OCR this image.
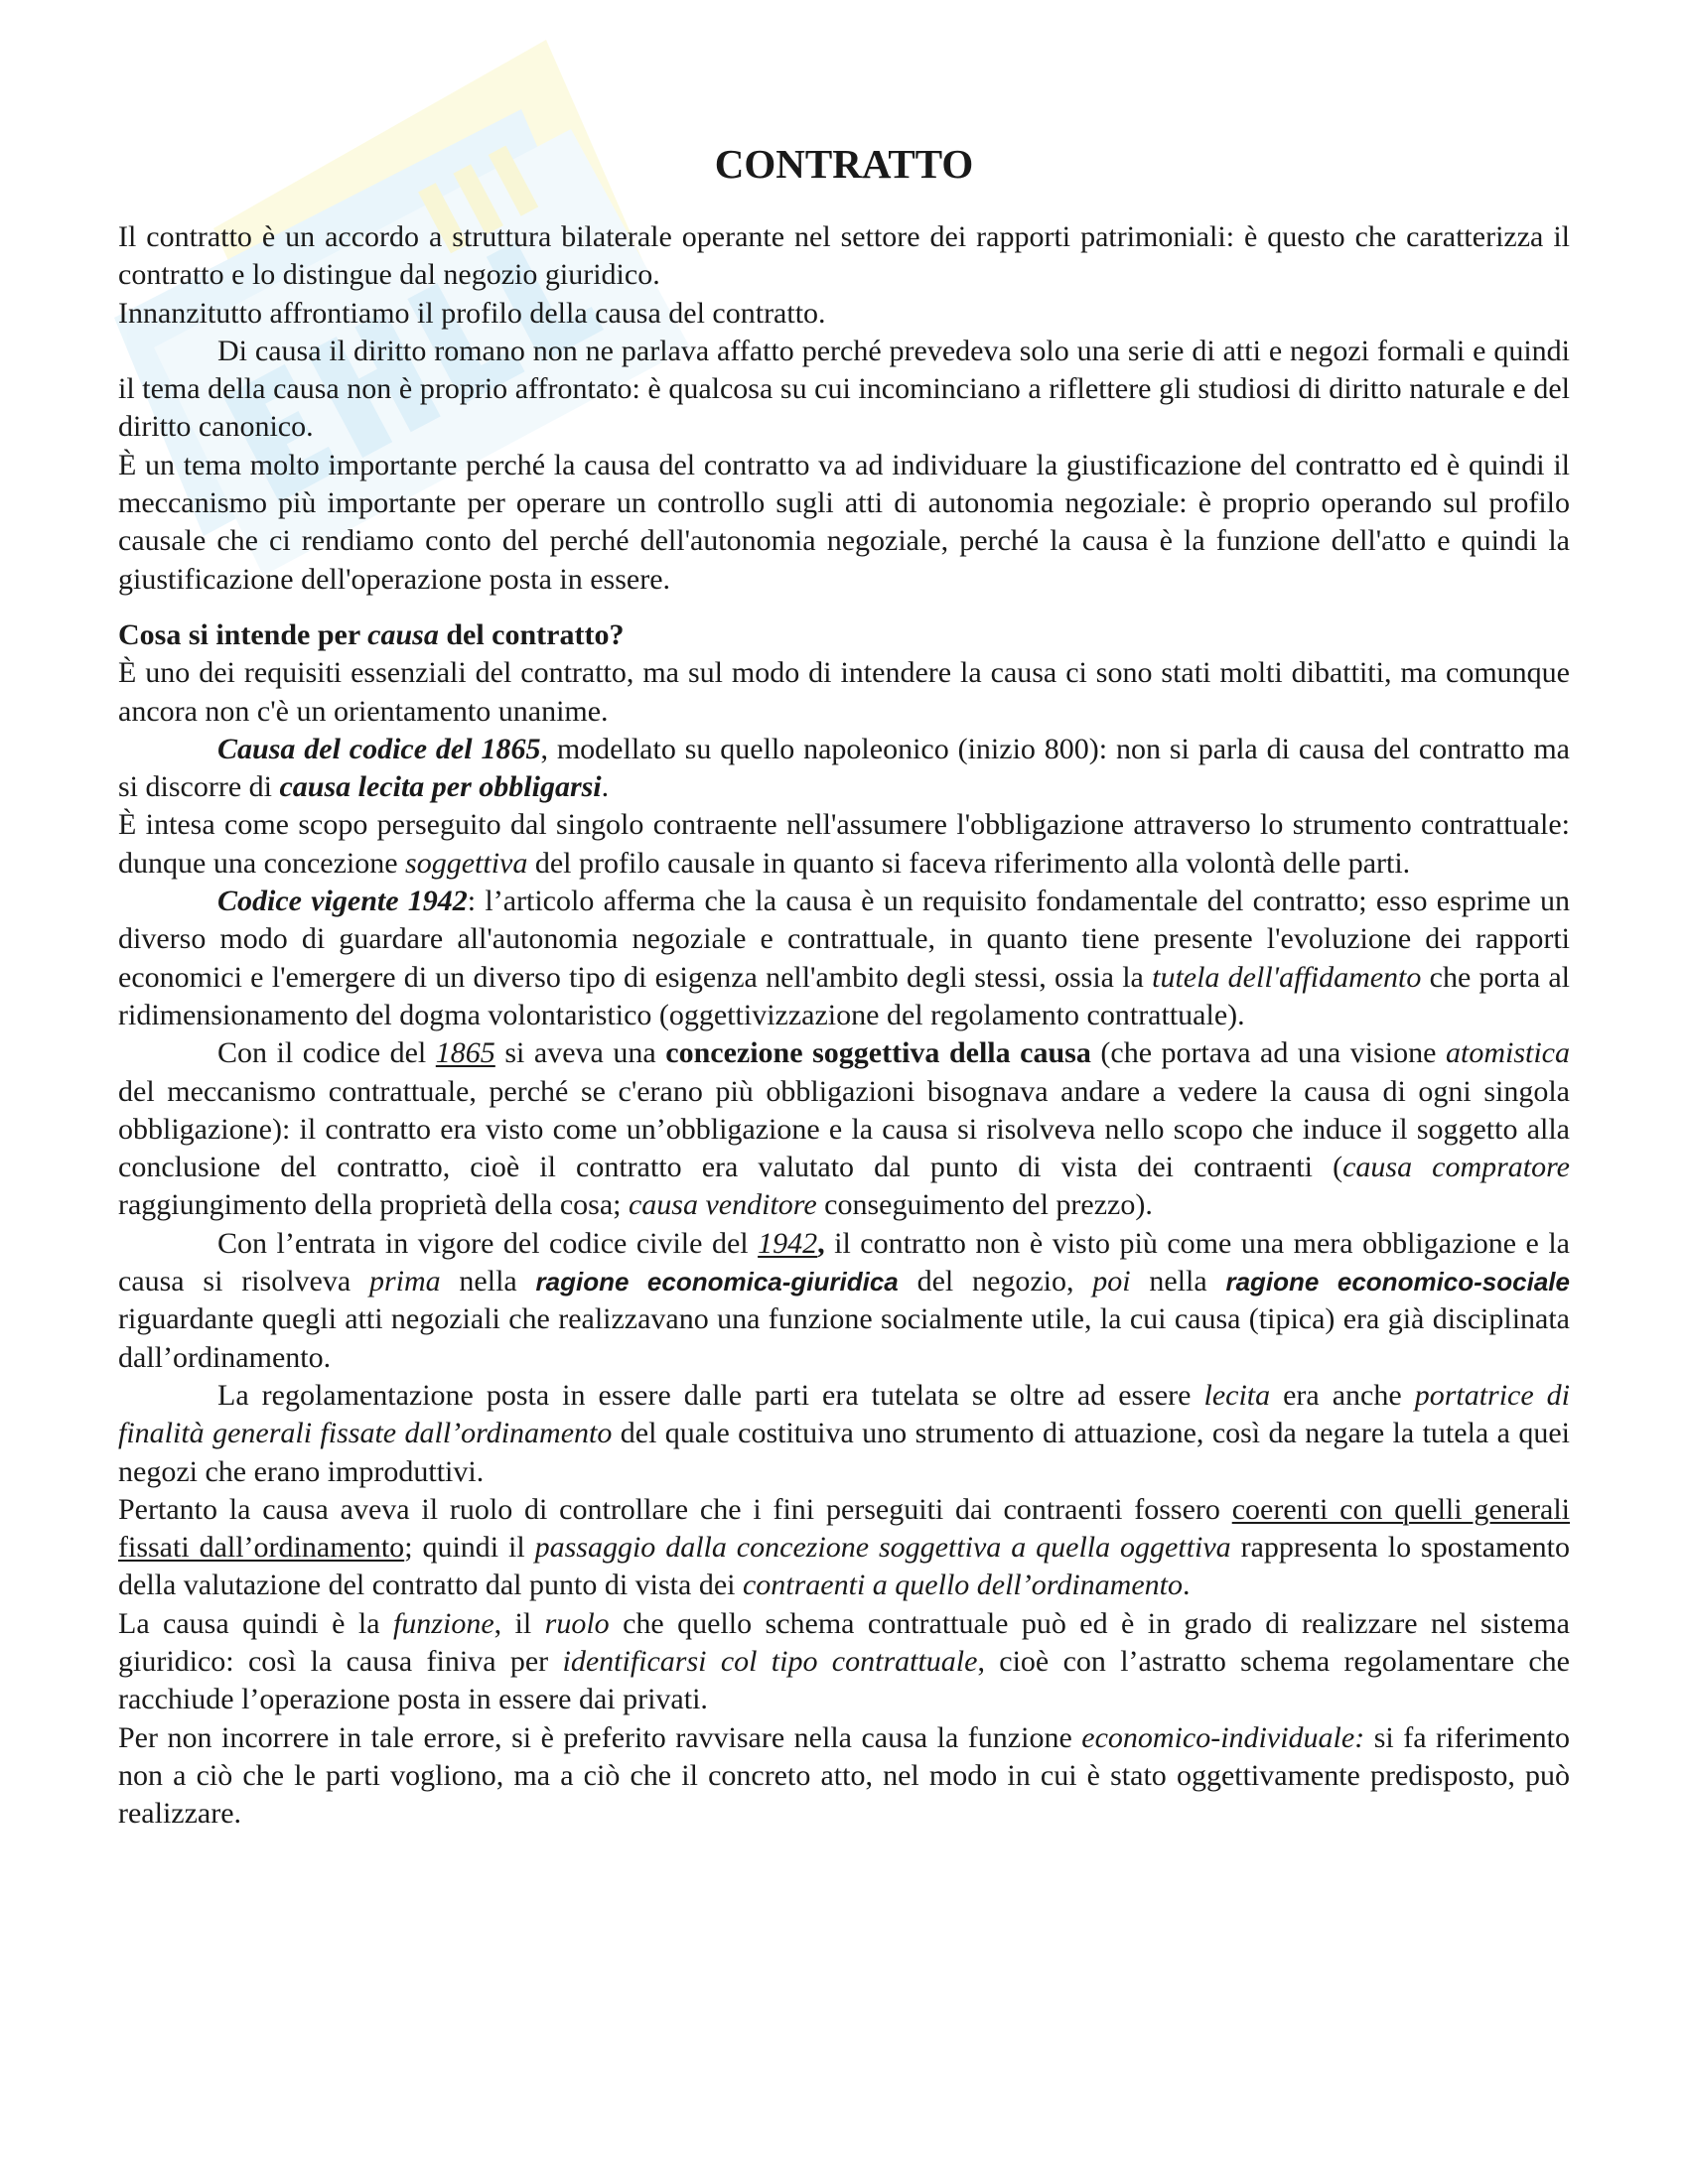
CONTRATTO

Il contratto è un accordo a struttura bilaterale operante nel settore dei rapporti patrimoniali: è questo che caratterizza il contratto e lo distingue dal negozio giuridico.

Innanzitutto affrontiamo il profilo della causa del contratto.

Di causa il diritto romano non ne parlava affatto perché prevedeva solo una serie di atti e negozi formali e quindi il tema della causa non è proprio affrontato: è qualcosa su cui incominciano a riflettere gli studiosi di diritto naturale e del diritto canonico.

È un tema molto importante perché la causa del contratto va ad individuare la giustificazione del contratto ed è quindi il meccanismo più importante per operare un controllo sugli atti di autonomia negoziale: è proprio operando sul profilo causale che ci rendiamo conto del perché dell'autonomia negoziale, perché la causa è la funzione dell'atto e quindi la giustificazione dell'operazione posta in essere.

Cosa si intende per causa del contratto?

È uno dei requisiti essenziali del contratto, ma sul modo di intendere la causa ci sono stati molti dibattiti, ma comunque ancora non c'è un orientamento unanime.

Causa del codice del 1865, modellato su quello napoleonico (inizio 800): non si parla di causa del contratto ma si discorre di causa lecita per obbligarsi.

È intesa come scopo perseguito dal singolo contraente nell'assumere l'obbligazione attraverso lo strumento contrattuale: dunque una concezione soggettiva del profilo causale in quanto si faceva riferimento alla volontà delle parti.

Codice vigente 1942: l’articolo afferma che la causa è un requisito fondamentale del contratto; esso esprime un diverso modo di guardare all'autonomia negoziale e contrattuale, in quanto tiene presente l'evoluzione dei rapporti economici e l'emergere di un diverso tipo di esigenza nell'ambito degli stessi, ossia la tutela dell'affidamento che porta al ridimensionamento del dogma volontaristico (oggettivizzazione del regolamento contrattuale).

Con il codice del 1865 si aveva una concezione soggettiva della causa (che portava ad una visione atomistica del meccanismo contrattuale, perché se c'erano più obbligazioni bisognava andare a vedere la causa di ogni singola obbligazione): il contratto era visto come un’obbligazione e la causa si risolveva nello scopo che induce il soggetto alla conclusione del contratto, cioè il contratto era valutato dal punto di vista dei contraenti (causa compratore raggiungimento della proprietà della cosa; causa venditore conseguimento del prezzo).

Con l’entrata in vigore del codice civile del 1942, il contratto non è visto più come una mera obbligazione e la causa si risolveva prima nella ragione economica-giuridica del negozio, poi nella ragione economico-sociale riguardante quegli atti negoziali che realizzavano una funzione socialmente utile, la cui causa (tipica) era già disciplinata dall’ordinamento.

La regolamentazione posta in essere dalle parti era tutelata se oltre ad essere lecita era anche portatrice di finalità generali fissate dall’ordinamento del quale costituiva uno strumento di attuazione, così da negare la tutela a quei negozi che erano improduttivi.

Pertanto la causa aveva il ruolo di controllare che i fini perseguiti dai contraenti fossero coerenti con quelli generali fissati dall’ordinamento; quindi il passaggio dalla concezione soggettiva a quella oggettiva rappresenta lo spostamento della valutazione del contratto dal punto di vista dei contraenti a quello dell’ordinamento.

La causa quindi è la funzione, il ruolo che quello schema contrattuale può ed è in grado di realizzare nel sistema giuridico: così la causa finiva per identificarsi col tipo contrattuale, cioè con l’astratto schema regolamentare che racchiude l’operazione posta in essere dai privati.

Per non incorrere in tale errore, si è preferito ravvisare nella causa la funzione economico-individuale: si fa riferimento non a ciò che le parti vogliono, ma a ciò che il concreto atto, nel modo in cui è stato oggettivamente predisposto, può realizzare.
